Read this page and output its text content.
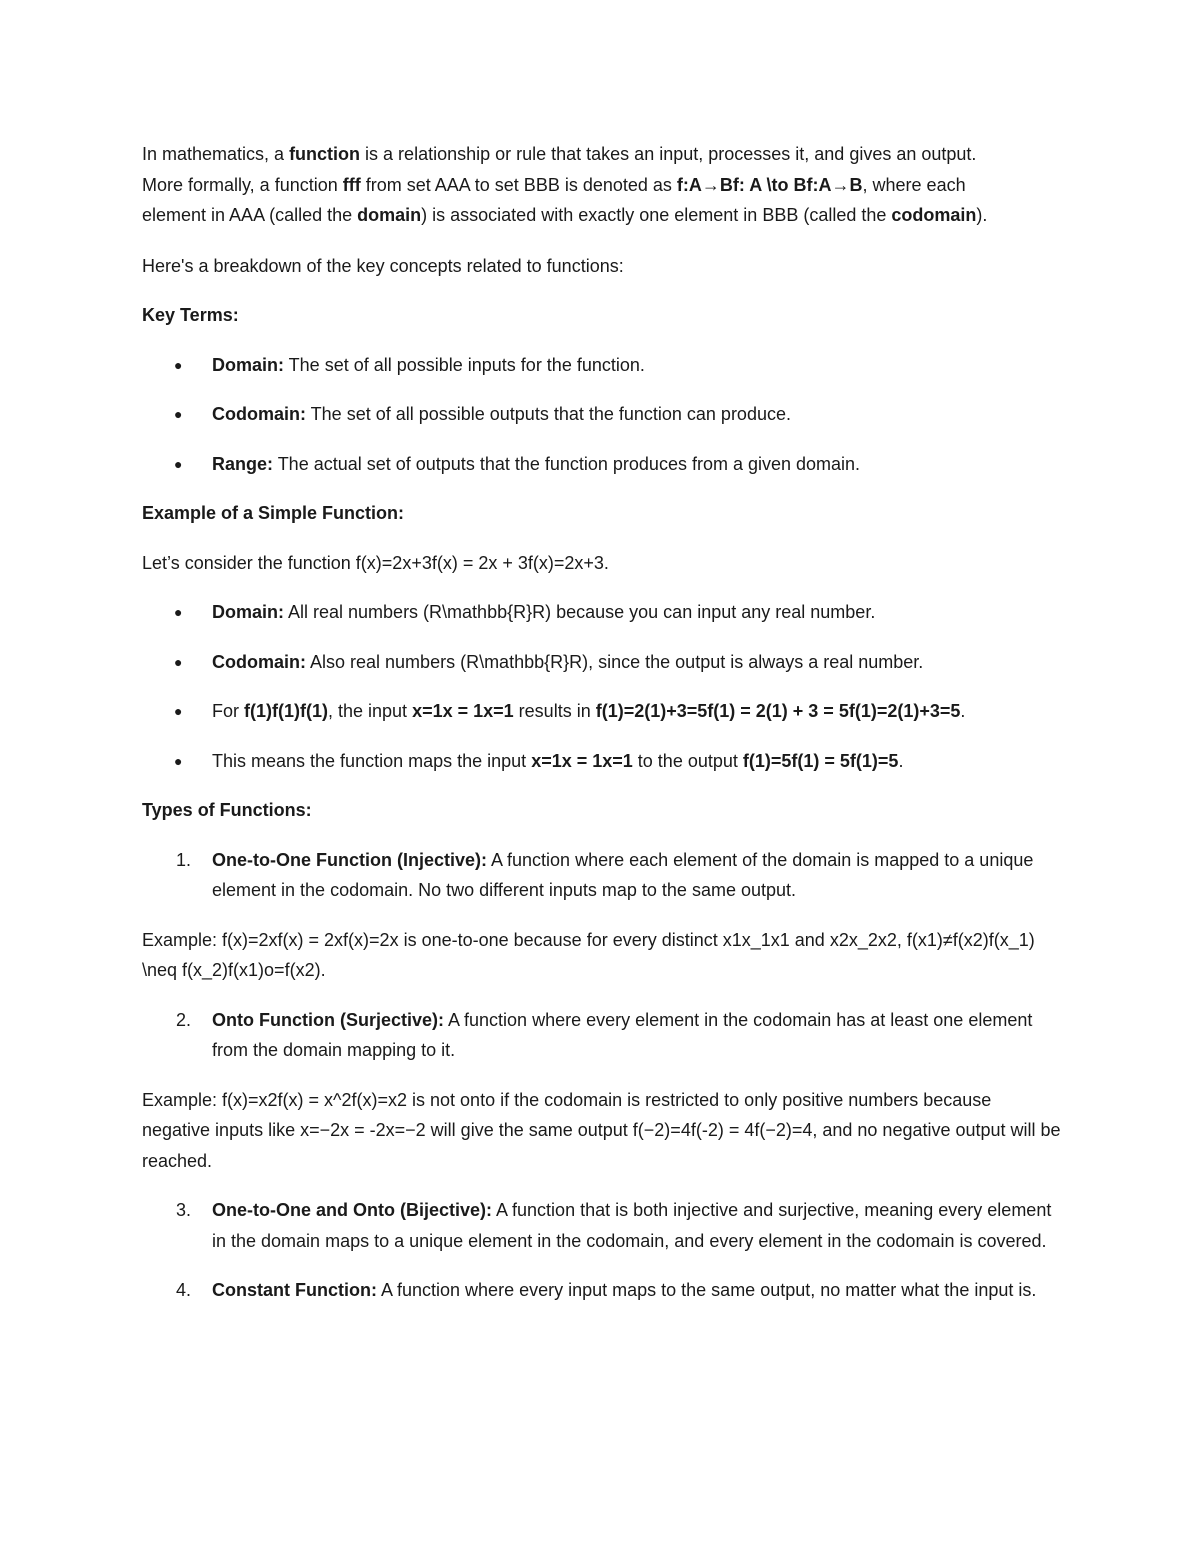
In mathematics, a function is a relationship or rule that takes an input, processes it, and gives an output.
More formally, a function fff from set AAA to set BBB is denoted as f:A→Bf: A \to Bf:A→B, where each
element in AAA (called the domain) is associated with exactly one element in BBB (called the codomain).

Here's a breakdown of the key concepts related to functions:

Key Terms:

● Domain: The set of all possible inputs for the function.
● Codomain: The set of all possible outputs that the function can produce.
● Range: The actual set of outputs that the function produces from a given domain.

Example of a Simple Function:

Let’s consider the function f(x)=2x+3f(x) = 2x + 3f(x)=2x+3.

● Domain: All real numbers (R\mathbb{R}R) because you can input any real number.
● Codomain: Also real numbers (R\mathbb{R}R), since the output is always a real number.
● For f(1)f(1)f(1), the input x=1x = 1x=1 results in f(1)=2(1)+3=5f(1) = 2(1) + 3 = 5f(1)=2(1)+3=5.
● This means the function maps the input x=1x = 1x=1 to the output f(1)=5f(1) = 5f(1)=5.

Types of Functions:

1. One-to-One Function (Injective): A function where each element of the domain is mapped to a unique element in the codomain. No two different inputs map to the same output.

Example: f(x)=2xf(x) = 2xf(x)=2x is one-to-one because for every distinct x1x_1x1 and x2x_2x2, f(x1)≠f(x2)f(x_1) \neq f(x_2)f(x1)o=f(x2).

2. Onto Function (Surjective): A function where every element in the codomain has at least one element from the domain mapping to it.

Example: f(x)=x2f(x) = x^2f(x)=x2 is not onto if the codomain is restricted to only positive numbers because negative inputs like x=−2x = -2x=−2 will give the same output f(−2)=4f(-2) = 4f(−2)=4, and no negative output will be reached.

3. One-to-One and Onto (Bijective): A function that is both injective and surjective, meaning every element in the domain maps to a unique element in the codomain, and every element in the codomain is covered.
4. Constant Function: A function where every input maps to the same output, no matter what the input is.
